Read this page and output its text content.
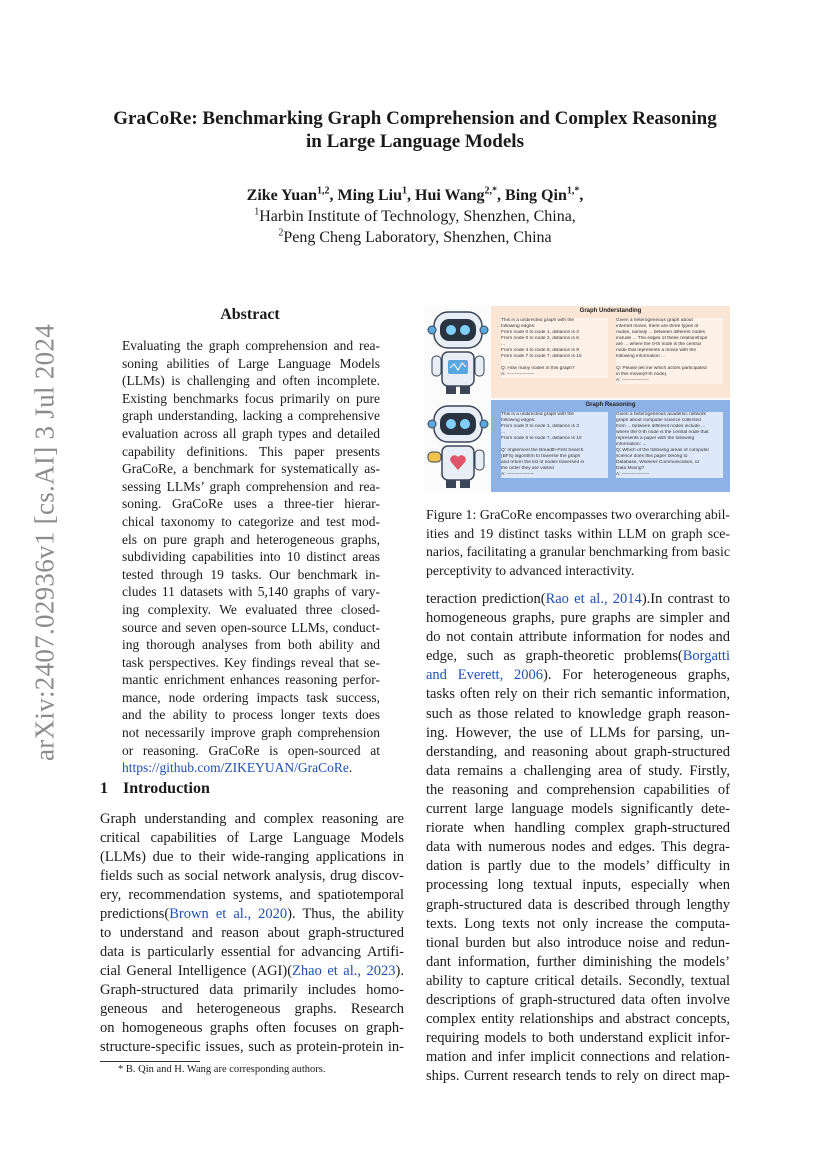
arXiv:2407.02936v1 [cs.AI] 3 Jul 2024
GraCoRe: Benchmarking Graph Comprehension and Complex Reasoning
in Large Language Models
Zike Yuan$^{1,2}$, Ming Liu$^1$, Hui Wang$^{2,*}$, Bing Qin$^{1,*}$,
$^1$Harbin Institute of Technology, Shenzhen, China,
$^2$Peng Cheng Laboratory, Shenzhen, China
Abstract
Evaluating the graph comprehension and rea-
soning abilities of Large Language Models
(LLMs) is challenging and often incomplete.
Existing benchmarks focus primarily on pure
graph understanding, lacking a comprehensive
evaluation across all graph types and detailed
capability definitions. This paper presents
GraCoRe, a benchmark for systematically as-
sessing LLMs’ graph comprehension and rea-
soning. GraCoRe uses a three-tier hierar-
chical taxonomy to categorize and test mod-
els on pure graph and heterogeneous graphs,
subdividing capabilities into 10 distinct areas
tested through 19 tasks. Our benchmark in-
cludes 11 datasets with 5,140 graphs of vary-
ing complexity. We evaluated three closed-
source and seven open-source LLMs, conduct-
ing thorough analyses from both ability and
task perspectives. Key findings reveal that se-
mantic enrichment enhances reasoning perfor-
mance, node ordering impacts task success,
and the ability to process longer texts does
not necessarily improve graph comprehension
or reasoning. GraCoRe is open-sourced at
https://github.com/ZIKEYUAN/GraCoRe.
1 Introduction
Graph understanding and complex reasoning are
critical capabilities of Large Language Models
(LLMs) due to their wide-ranging applications in
fields such as social network analysis, drug discov-
ery, recommendation systems, and spatiotemporal
predictions(Brown et al., 2020). Thus, the ability
to understand and reason about graph-structured
data is particularly essential for advancing Artifi-
cial General Intelligence (AGI)(Zhao et al., 2023).
Graph-structured data primarily includes homo-
geneous and heterogeneous graphs. Research
on homogeneous graphs often focuses on graph-
structure-specific issues, such as protein-protein in-
* B. Qin and H. Wang are corresponding authors.
Graph Understanding
This is a undirected graph with the
following edges:
From node 0 to node 1, distance is 3
From node 0 to node 2, distance is 6
...
From node 4 to node 5, distance is 9
From node 7 to node 7, distance is 10

Q: How many nodes in this graph?
A: -----------------
Given a heterogeneous graph about
internet movie, there are three types of
nodes, namely ... between different nodes
include ... The edges of these relationships
are ... where the 0-th node is the central
node that represents a movie with the
following information ...

Q: Please tell me which actors participated
in this movie(0-th node).
A: -----------------
Graph Reasoning
This is a undirected graph with the
following edges:
From node 0 to node 1, distance is 3
...
From node 6 to node 7, distance is 10

Q: Implement the Breadth-First Search
(BFS) algorithm to traverse the graph
and return the list of nodes traversed in
the order they are visited
A: -----------------
Given a heterogeneous academic network
graph about computer science collected
from ... between different nodes include ...
where the 0-th node is the central node that
represents a paper with the following
information: ...
Q: Which of the following areas of computer
science does this paper belong to
Database, Wireless Communication, or
Data Mining?
A: -----------------
Figure 1: GraCoRe encompasses two overarching abil-
ities and 19 distinct tasks within LLM on graph sce-
narios, facilitating a granular benchmarking from basic
perceptivity to advanced interactivity.
teraction prediction(Rao et al., 2014).In contrast to
homogeneous graphs, pure graphs are simpler and
do not contain attribute information for nodes and
edge, such as graph-theoretic problems(Borgatti
and Everett, 2006). For heterogeneous graphs,
tasks often rely on their rich semantic information,
such as those related to knowledge graph reason-
ing. However, the use of LLMs for parsing, un-
derstanding, and reasoning about graph-structured
data remains a challenging area of study. Firstly,
the reasoning and comprehension capabilities of
current large language models significantly dete-
riorate when handling complex graph-structured
data with numerous nodes and edges. This degra-
dation is partly due to the models’ difficulty in
processing long textual inputs, especially when
graph-structured data is described through lengthy
texts. Long texts not only increase the computa-
tional burden but also introduce noise and redun-
dant information, further diminishing the models’
ability to capture critical details. Secondly, textual
descriptions of graph-structured data often involve
complex entity relationships and abstract concepts,
requiring models to both understand explicit infor-
mation and infer implicit connections and relation-
ships. Current research tends to rely on direct map-
